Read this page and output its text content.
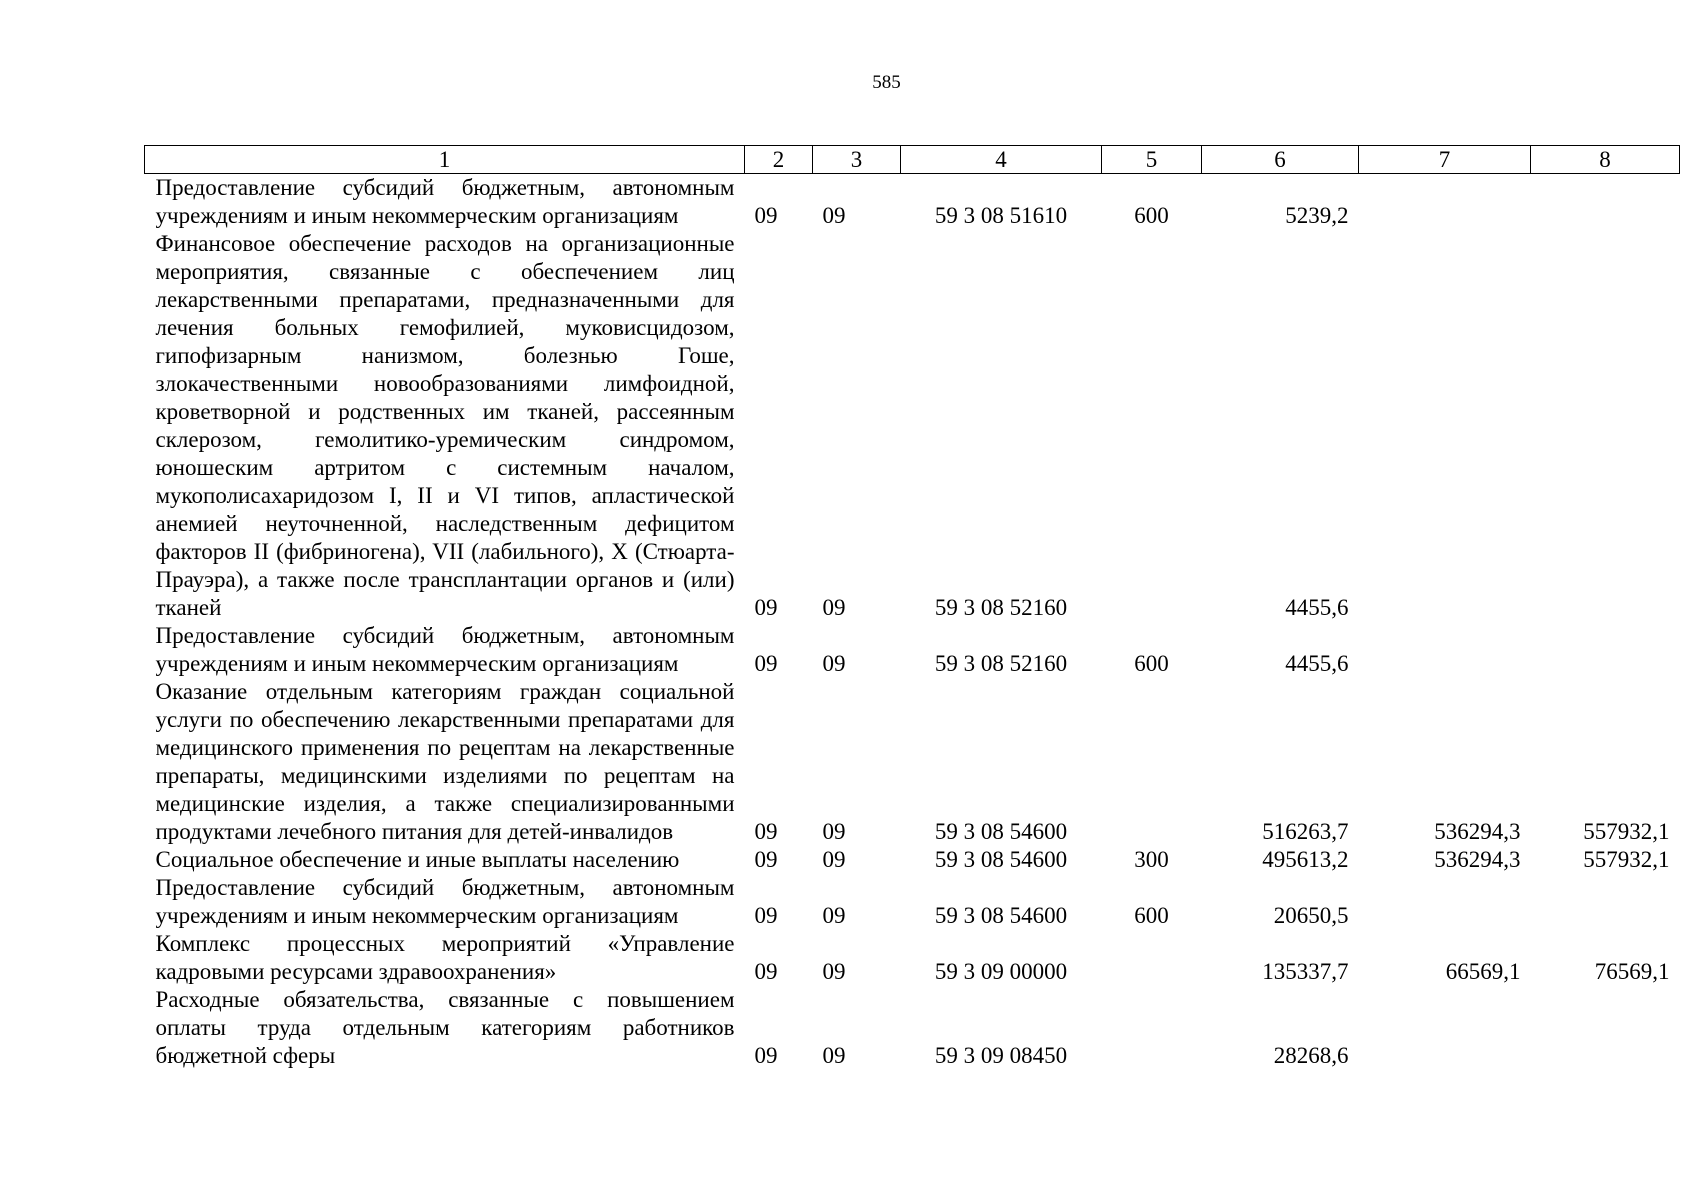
585
1	2	3	4	5	6	7	8
Предоставление субсидий бюджетным, автономным учреждениям и иным некоммерческим организациям	09	09	59 3 08 51610	600	5239,2		
Финансовое обеспечение расходов на организационные мероприятия, связанные с обеспечением лиц лекарственными препаратами, предназначенными для лечения больных гемофилией, муковисцидозом, гипофизарным нанизмом, болезнью Гоше, злокачественными новообразованиями лимфоидной, кроветворной и родственных им тканей, рассеянным склерозом, гемолитико-уремическим синдромом, юношеским артритом с системным началом, мукополисахаридозом I, II и VI типов, апластической анемией неуточненной, наследственным дефицитом факторов II (фибриногена), VII (лабильного), X (Стюарта-Прауэра), а также после трансплантации органов и (или) тканей	09	09	59 3 08 52160		4455,6		
Предоставление субсидий бюджетным, автономным учреждениям и иным некоммерческим организациям	09	09	59 3 08 52160	600	4455,6		
Оказание отдельным категориям граждан социальной услуги по обеспечению лекарственными препаратами для медицинского применения по рецептам на лекарственные препараты, медицинскими изделиями по рецептам на медицинские изделия, а также специализированными продуктами лечебного питания для детей-инвалидов	09	09	59 3 08 54600		516263,7	536294,3	557932,1
Социальное обеспечение и иные выплаты населению	09	09	59 3 08 54600	300	495613,2	536294,3	557932,1
Предоставление субсидий бюджетным, автономным учреждениям и иным некоммерческим организациям	09	09	59 3 08 54600	600	20650,5		
Комплекс процессных мероприятий «Управление кадровыми ресурсами здравоохранения»	09	09	59 3 09 00000		135337,7	66569,1	76569,1
Расходные обязательства, связанные с повышением оплаты труда отдельным категориям работников бюджетной сферы	09	09	59 3 09 08450		28268,6		
